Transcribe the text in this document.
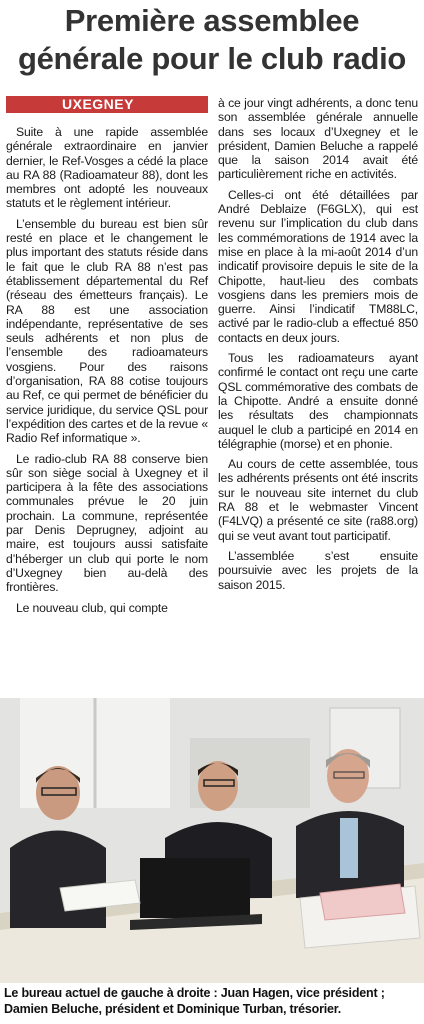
Première assemblee
générale pour le club radio
UXEGNEY

Suite à une rapide assemblée générale extraordinaire en janvier dernier, le Ref-Vosges a cédé la place au RA 88 (Radioamateur 88), dont les membres ont adopté les nouveaux statuts et le règlement intérieur.

L’ensemble du bureau est bien sûr resté en place et le changement le plus important des statuts réside dans le fait que le club RA 88 n’est pas établissement départemental du Ref (réseau des émetteurs français). Le RA 88 est une association indépendante, représentative de ses seuls adhérents et non plus de l’ensemble des radioamateurs vosgiens. Pour des raisons d’organisation, RA 88 cotise toujours au Ref, ce qui permet de bénéficier du service juridique, du service QSL pour l’expédition des cartes et de la revue « Radio Ref informatique ».

Le radio-club RA 88 conserve bien sûr son siège social à Uxegney et il participera à la fête des associations communales prévue le 20 juin prochain. La commune, représentée par Denis Deprugney, adjoint au maire, est toujours aussi satisfaite d’héberger un club qui porte le nom d’Uxegney bien au-delà des frontières.

Le nouveau club, qui compte

à ce jour vingt adhérents, a donc tenu son assemblée générale annuelle dans ses locaux d’Uxegney et le président, Damien Beluche a rappelé que la saison 2014 avait été particulièrement riche en activités.

Celles-ci ont été détaillées par André Deblaize (F6GLX), qui est revenu sur l’implication du club dans les commémorations de 1914 avec la mise en place à la mi-août 2014 d’un indicatif provisoire depuis le site de la Chipotte, haut-lieu des combats vosgiens dans les premiers mois de guerre. Ainsi l’indicatif TM88LC, activé par le radio-club a effectué 850 contacts en deux jours.

Tous les radioamateurs ayant confirmé le contact ont reçu une carte QSL commémorative des combats de la Chipotte. André a ensuite donné les résultats des championnats auquel le club a participé en 2014 en télégraphie (morse) et en phonie.

Au cours de cette assemblée, tous les adhérents présents ont été inscrits sur le nouveau site internet du club RA 88 et le webmaster Vincent (F4LVQ) a présenté ce site (ra88.org) qui se veut avant tout participatif.

L’assemblée s’est ensuite poursuivie avec les projets de la saison 2015.

Le bureau actuel de gauche à droite : Juan Hagen, vice président ; Damien Beluche, président et Dominique Turban, trésorier.
